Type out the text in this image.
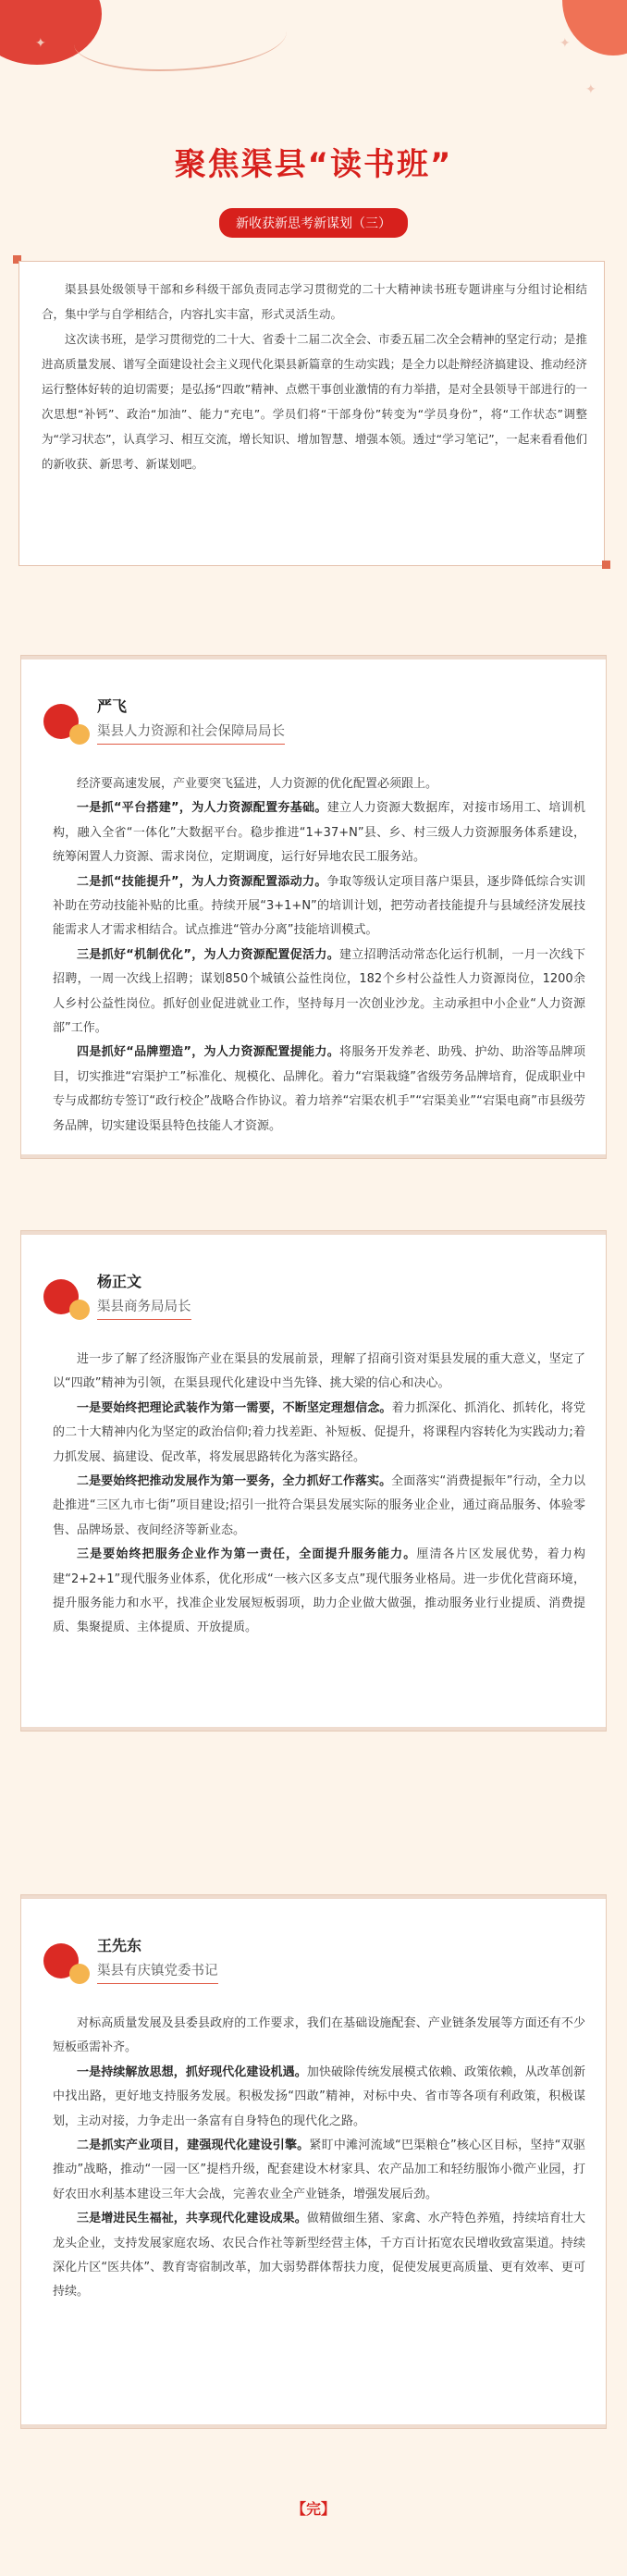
✦	✦
✦
聚焦渠县“读书班”
新收获新思考新谋划（三）

渠县县处级领导干部和乡科级干部负责同志学习贯彻党的二十大精神读书班专题讲座与分组讨论相结合，集中学与自学相结合，内容扎实丰富，形式灵活生动。

这次读书班，是学习贯彻党的二十大、省委十二届二次全会、市委五届二次全会精神的坚定行动；是推进高质量发展、谱写全面建设社会主义现代化渠县新篇章的生动实践；是全力以赴辩经济搞建设、推动经济运行整体好转的迫切需要；是弘扬“四敢”精神、点燃干事创业激情的有力举措，是对全县领导干部进行的一次思想“补钙”、政治“加油”、能力“充电”。学员们将“干部身份”转变为“学员身份”，将“工作状态”调整为“学习状态”，认真学习、相互交流，增长知识、增加智慧、增强本领。透过“学习笔记”，一起来看看他们的新收获、新思考、新谋划吧。

严飞
渠县人力资源和社会保障局局长

经济要高速发展，产业要突飞猛进，人力资源的优化配置必须跟上。

一是抓“平台搭建”，为人力资源配置夯基础。建立人力资源大数据库，对接市场用工、培训机构，融入全省“一体化”大数据平台。稳步推进“1+37+N”县、乡、村三级人力资源服务体系建设，统筹闲置人力资源、需求岗位，定期调度，运行好异地农民工服务站。

二是抓“技能提升”，为人力资源配置添动力。争取等级认定项目落户渠县，逐步降低综合实训补助在劳动技能补贴的比重。持续开展“3+1+N”的培训计划，把劳动者技能提升与县域经济发展技能需求人才需求相结合。试点推进“管办分离”技能培训模式。

三是抓好“机制优化”，为人力资源配置促活力。建立招聘活动常态化运行机制，一月一次线下招聘，一周一次线上招聘；谋划850个城镇公益性岗位，182个乡村公益性人力资源岗位，1200余人乡村公益性岗位。抓好创业促进就业工作，坚持每月一次创业沙龙。主动承担中小企业“人力资源部”工作。

四是抓好“品牌塑造”，为人力资源配置提能力。将服务开发养老、助残、护幼、助浴等品牌项目，切实推进“宕渠护工”标准化、规模化、品牌化。着力“宕渠栽缝”省级劳务品牌培育，促成职业中专与成都纺专签订“政行校企”战略合作协议。着力培养“宕渠农机手”“宕渠美业”“宕渠电商”市县级劳务品牌，切实建设渠县特色技能人才资源。

杨正文
渠县商务局局长

进一步了解了经济服饰产业在渠县的发展前景，理解了招商引资对渠县发展的重大意义，坚定了以“四敢”精神为引领，在渠县现代化建设中当先锋、挑大梁的信心和决心。

一是要始终把理论武装作为第一需要，不断坚定理想信念。着力抓深化、抓消化、抓转化，将党的二十大精神内化为坚定的政治信仰;着力找差距、补短板、促提升，将课程内容转化为实践动力;着力抓发展、搞建设、促改革，将发展思路转化为落实路径。

二是要始终把推动发展作为第一要务，全力抓好工作落实。全面落实“消费提振年”行动，全力以赴推进“三区九市七街”项目建设;招引一批符合渠县发展实际的服务业企业，通过商品服务、体验零售、品牌场景、夜间经济等新业态。

三是要始终把服务企业作为第一责任，全面提升服务能力。厘清各片区发展优势，着力构建“2+2+1”现代服务业体系，优化形成“一核六区多支点”现代服务业格局。进一步优化营商环境，提升服务能力和水平，找准企业发展短板弱项，助力企业做大做强，推动服务业行业提质、消费提质、集聚提质、主体提质、开放提质。

王先东
渠县有庆镇党委书记

对标高质量发展及县委县政府的工作要求，我们在基础设施配套、产业链条发展等方面还有不少短板亟需补齐。

一是持续解放思想，抓好现代化建设机遇。加快破除传统发展模式依赖、政策依赖，从改革创新中找出路，更好地支持服务发展。积极发扬“四敢”精神，对标中央、省市等各项有利政策，积极谋划，主动对接，力争走出一条富有自身特色的现代化之路。

二是抓实产业项目，建强现代化建设引擎。紧盯中滩河流域“巴渠粮仓”核心区目标，坚持“双驱推动”战略，推动“一园一区”提档升级，配套建设木材家具、农产品加工和轻纺服饰小微产业园，打好农田水利基本建设三年大会战，完善农业全产业链条，增强发展后劲。

三是增进民生福祉，共享现代化建设成果。做精做细生猪、家禽、水产特色养殖，持续培育壮大龙头企业，支持发展家庭农场、农民合作社等新型经营主体，千方百计拓宽农民增收致富渠道。持续深化片区“医共体”、教育寄宿制改革，加大弱势群体帮扶力度，促使发展更高质量、更有效率、更可持续。

【完】
